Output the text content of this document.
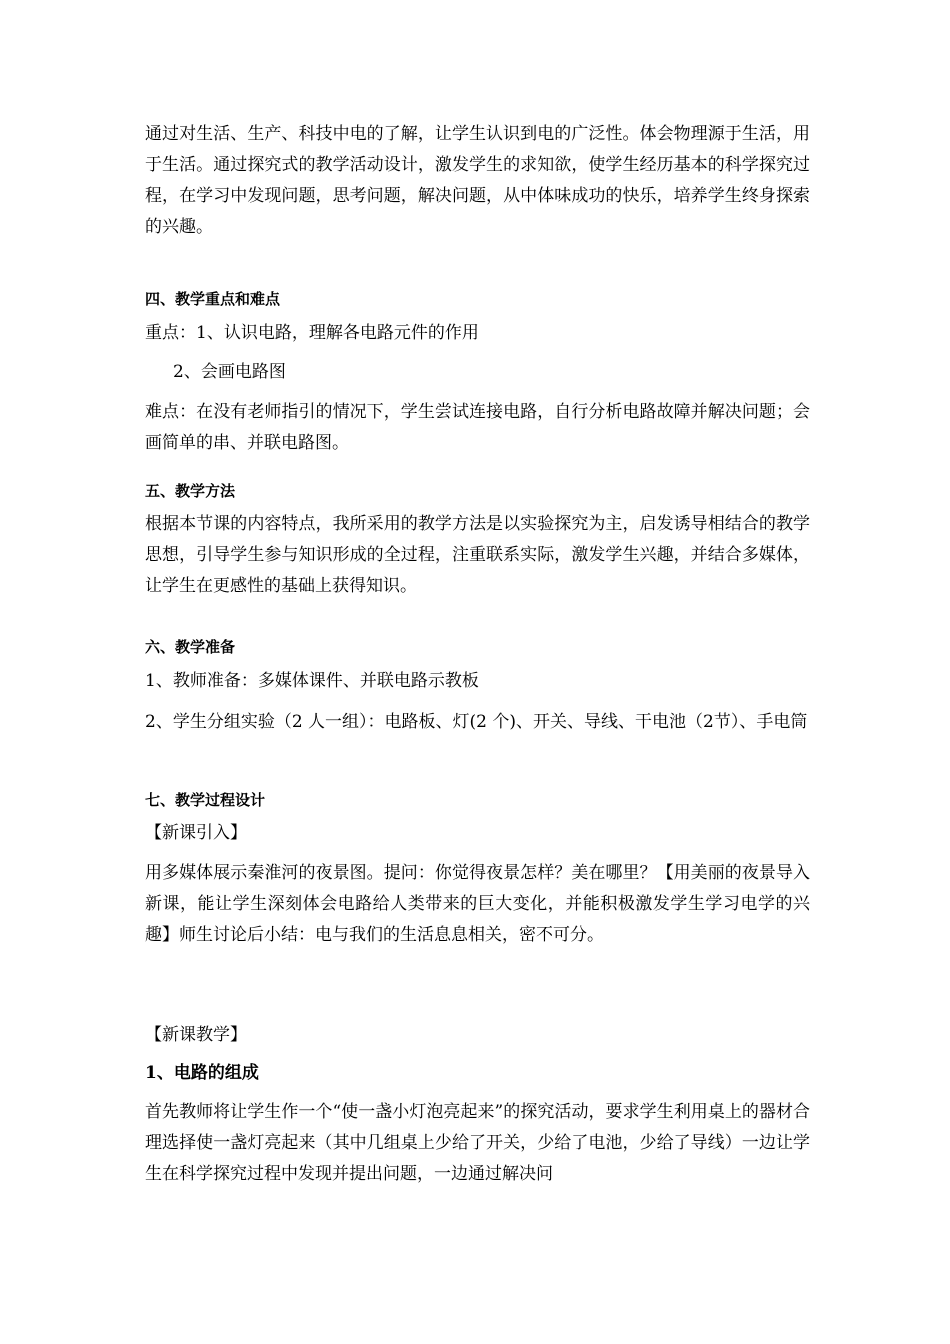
通过对生活、生产、科技中电的了解，让学生认识到电的广泛性。体会物理源于生活，用于生活。通过探究式的教学活动设计，激发学生的求知欲，使学生经历基本的科学探究过程，在学习中发现问题，思考问题，解决问题，从中体味成功的快乐，培养学生终身探索的兴趣。

四、教学重点和难点

重点：1、认识电路，理解各电路元件的作用

2、会画电路图

难点：在没有老师指引的情况下，学生尝试连接电路，自行分析电路故障并解决问题；会画简单的串、并联电路图。

五、教学方法

根据本节课的内容特点，我所采用的教学方法是以实验探究为主，启发诱导相结合的教学思想，引导学生参与知识形成的全过程，注重联系实际，激发学生兴趣，并结合多媒体，让学生在更感性的基础上获得知识。

六、教学准备

1、教师准备：多媒体课件、并联电路示教板

2、学生分组实验（2 人一组）：电路板、灯(2 个)、开关、导线、干电池（2节）、手电筒

七、教学过程设计

【新课引入】

用多媒体展示秦淮河的夜景图。提问：你觉得夜景怎样？美在哪里？【用美丽的夜景导入新课，能让学生深刻体会电路给人类带来的巨大变化，并能积极激发学生学习电学的兴趣】师生讨论后小结：电与我们的生活息息相关，密不可分。

【新课教学】

1、电路的组成

首先教师将让学生作一个“使一盏小灯泡亮起来”的探究活动，要求学生利用桌上的器材合理选择使一盏灯亮起来（其中几组桌上少给了开关，少给了电池，少给了导线）一边让学生在科学探究过程中发现并提出问题，一边通过解决问
